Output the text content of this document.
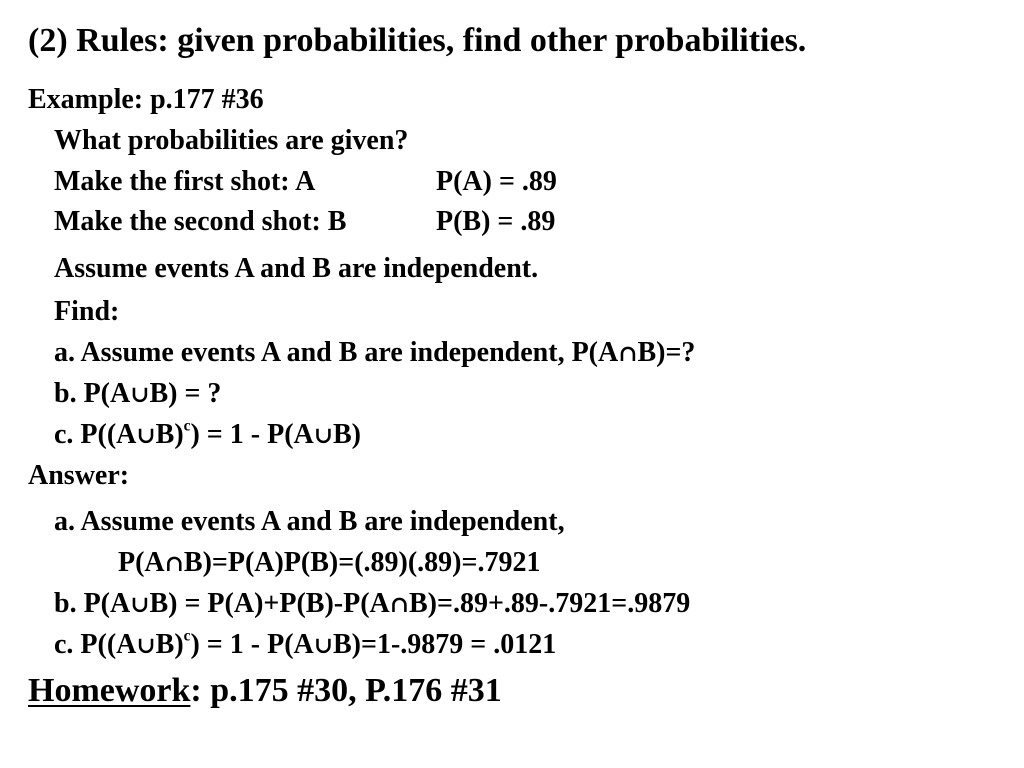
(2) Rules: given probabilities, find other probabilities.
Example: p.177 #36
What probabilities are given?
Make the first shot: A	P(A) = .89
Make the second shot: B	P(B) = .89
Assume events A and B are independent.
Find:
a. Assume events A and B are independent, P(A∩B)=?
b. P(A∪B) = ?
c. P((A∪B)$^c$) = 1 - P(A∪B)
Answer:
a. Assume events A and B are independent,
P(A∩B)=P(A)P(B)=(.89)(.89)=.7921
b. P(A∪B) = P(A)+P(B)-P(A∩B)=.89+.89-.7921=.9879
c. P((A∪B)$^c$) = 1 - P(A∪B)=1-.9879 = .0121
Homework: p.175 #30, P.176 #31
